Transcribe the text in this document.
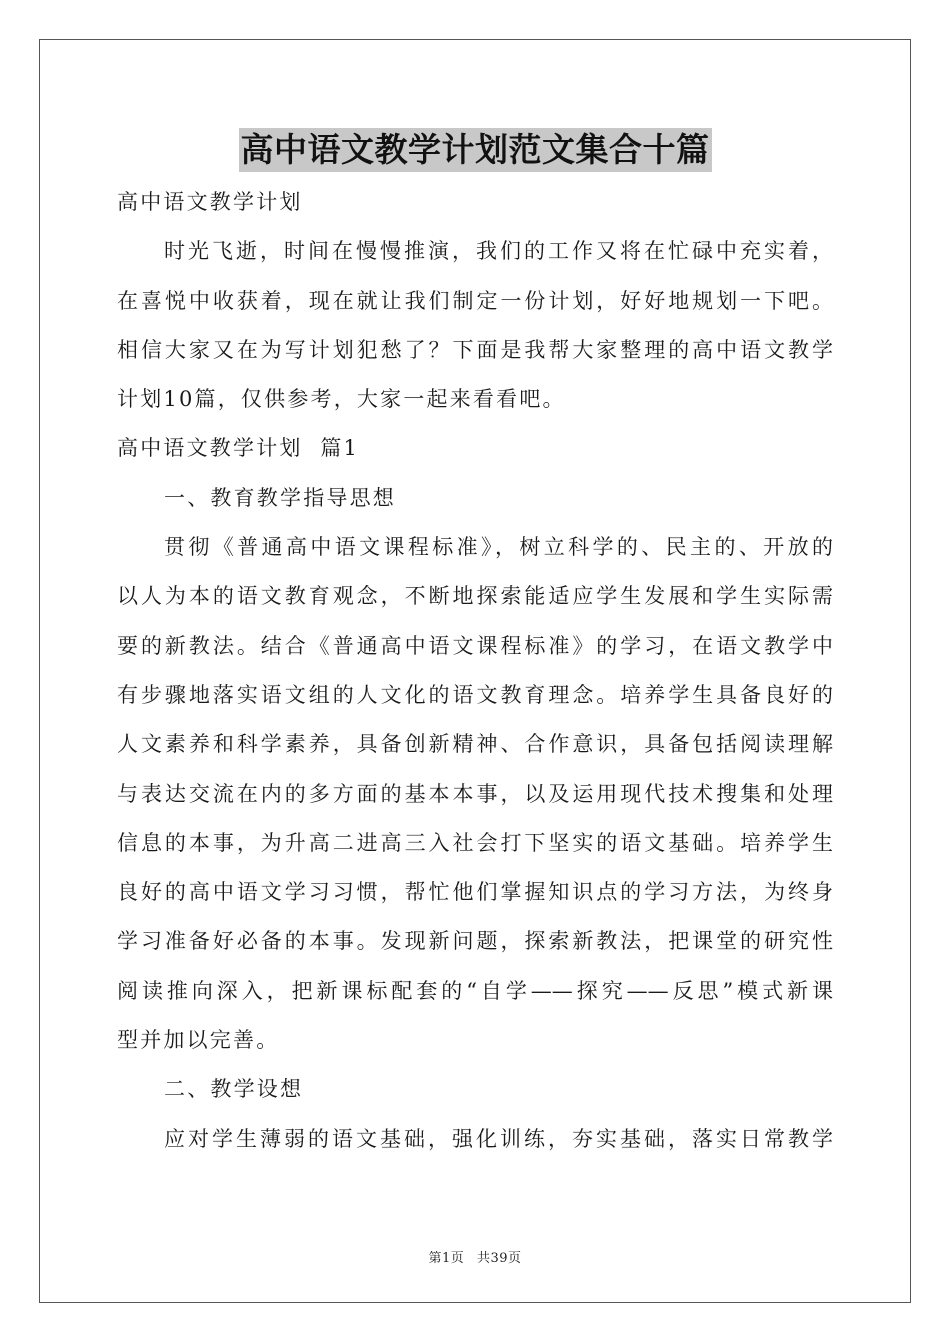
高中语文教学计划范文集合十篇
高中语文教学计划
时光飞逝，时间在慢慢推演，我们的工作又将在忙碌中充实着，
在喜悦中收获着，现在就让我们制定一份计划，好好地规划一下吧。
相信大家又在为写计划犯愁了？下面是我帮大家整理的高中语文教学
计划10篇，仅供参考，大家一起来看看吧。
高中语文教学计划  篇1
一、教育教学指导思想
贯彻《普通高中语文课程标准》，树立科学的、民主的、开放的
以人为本的语文教育观念，不断地探索能适应学生发展和学生实际需
要的新教法。结合《普通高中语文课程标准》的学习，在语文教学中
有步骤地落实语文组的人文化的语文教育理念。培养学生具备良好的
人文素养和科学素养，具备创新精神、合作意识，具备包括阅读理解
与表达交流在内的多方面的基本本事，以及运用现代技术搜集和处理
信息的本事，为升高二进高三入社会打下坚实的语文基础。培养学生
良好的高中语文学习习惯，帮忙他们掌握知识点的学习方法，为终身
学习准备好必备的本事。发现新问题，探索新教法，把课堂的研究性
阅读推向深入，把新课标配套的“自学——探究——反思”模式新课
型并加以完善。
二、教学设想
应对学生薄弱的语文基础，强化训练，夯实基础，落实日常教学
第1页 共39页
